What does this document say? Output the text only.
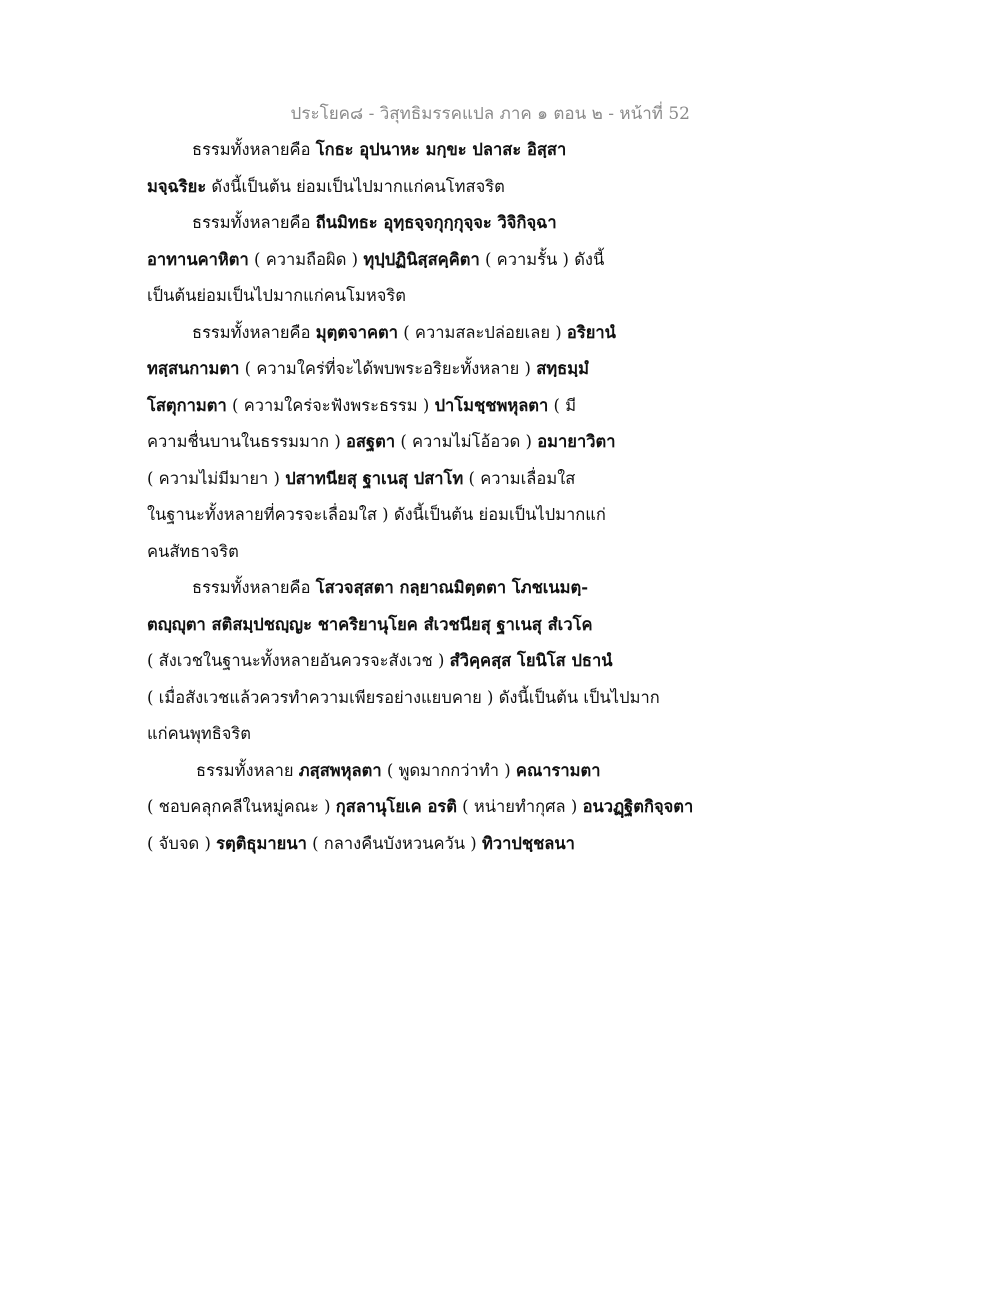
ประโยค๘ - วิสุทธิมรรคแปล ภาค ๑ ตอน ๒ - หน้าที่ 52
ธรรมทั้งหลายคือ โกธะ อุปนาหะ มกฺขะ ปลาสะ อิสฺสา
มจฺฉริยะ ดังนี้เป็นต้น ย่อมเป็นไปมากแก่คนโทสจริต
ธรรมทั้งหลายคือ ถีนมิทธะ อุทฺธจฺจกุกฺกุจฺจะ วิจิกิจฺฉา
อาทานคาหิตา ( ความถือผิด ) ทุปฺปฏินิสฺสคฺคิตา ( ความรั้น ) ดังนี้
เป็นต้นย่อมเป็นไปมากแก่คนโมหจริต
ธรรมทั้งหลายคือ มุตฺตจาคตา ( ความสละปล่อยเลย ) อริยานํ
ทสฺสนกามตา ( ความใคร่ที่จะได้พบพระอริยะทั้งหลาย ) สทฺธมฺมํ
โสตุกามตา ( ความใคร่จะฟังพระธรรม ) ปาโมชฺชพหุลตา ( มี
ความชื่นบานในธรรมมาก ) อสฐตา ( ความไม่โอ้อวด ) อมายาวิตา
( ความไม่มีมายา ) ปสาทนียสุ ฐาเนสุ ปสาโท ( ความเลื่อมใส
ในฐานะทั้งหลายที่ควรจะเลื่อมใส ) ดังนี้เป็นต้น ย่อมเป็นไปมากแก่
คนสัทธาจริต
ธรรมทั้งหลายคือ โสวจสฺสตา กลฺยาณมิตฺตตา โภชเนมตฺ-
ตญฺญุตา สติสมฺปชญฺญะ ชาคริยานุโยค สํเวชนียสุ ฐาเนสุ สํเวโค
( สังเวชในฐานะทั้งหลายอันควรจะสังเวช ) สํวิคฺคสฺส โยนิโส ปธานํ
( เมื่อสังเวชแล้วควรทำความเพียรอย่างแยบคาย ) ดังนี้เป็นต้น เป็นไปมาก
แก่คนพุทธิจริต
ธรรมทั้งหลาย ภสฺสพหุลตา ( พูดมากกว่าทำ ) คณารามตา
( ชอบคลุกคลีในหมู่คณะ ) กุสลานุโยเค อรติ ( หน่ายทำกุศล ) อนวฏฺฐิตกิจฺจตา
( จับจด ) รตฺติธุมายนา ( กลางคืนบังหวนควัน ) ทิวาปชฺชลนา
